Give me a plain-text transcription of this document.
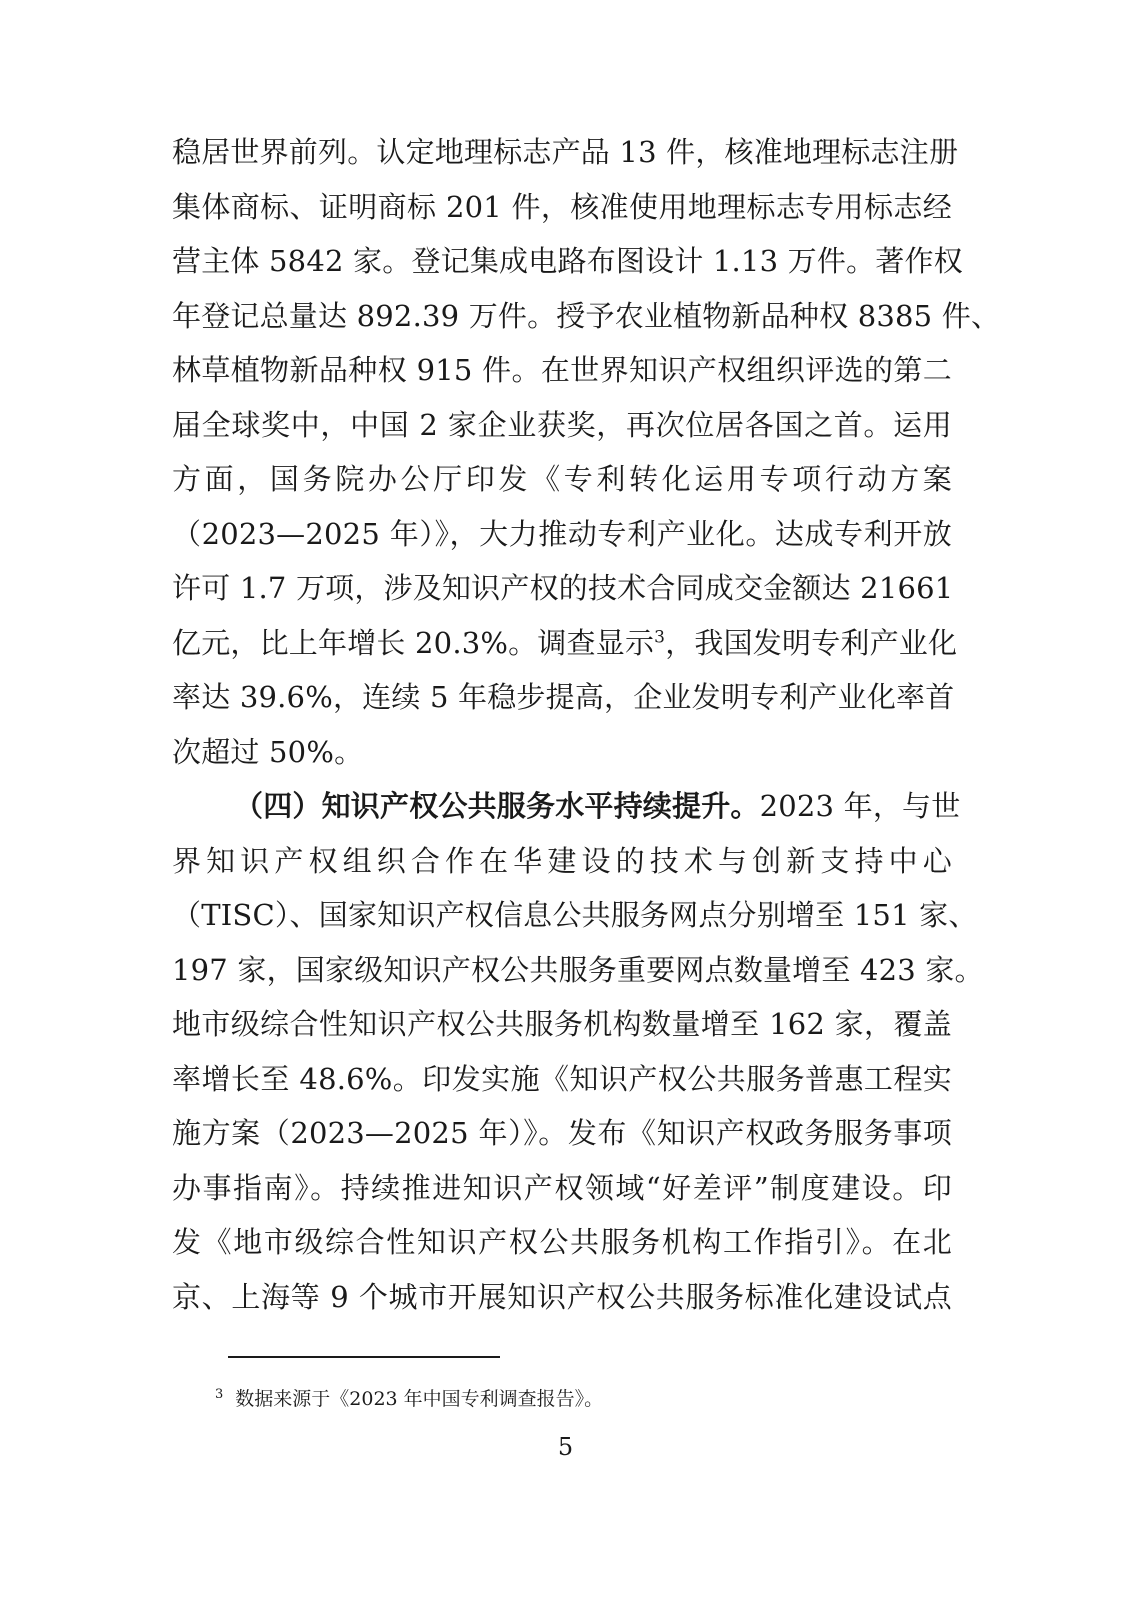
稳居世界前列。认定地理标志产品 13 件，核准地理标志注册
集体商标、证明商标 201 件，核准使用地理标志专用标志经
营主体 5842 家。登记集成电路布图设计 1.13 万件。著作权
年登记总量达 892.39 万件。授予农业植物新品种权 8385 件、
林草植物新品种权 915 件。在世界知识产权组织评选的第二
届全球奖中，中国 2 家企业获奖，再次位居各国之首。运用
方面，国务院办公厅印发《专利转化运用专项行动方案
（2023—2025 年）》，大力推动专利产业化。达成专利开放
许可 1.7 万项，涉及知识产权的技术合同成交金额达 21661
亿元，比上年增长 20.3%。调查显示$^3$，我国发明专利产业化
率达 39.6%，连续 5 年稳步提高，企业发明专利产业化率首
次超过 50%。
（四）知识产权公共服务水平持续提升。2023 年，与世
界知识产权组织合作在华建设的技术与创新支持中心
（TISC）、国家知识产权信息公共服务网点分别增至 151 家、
197 家，国家级知识产权公共服务重要网点数量增至 423 家。
地市级综合性知识产权公共服务机构数量增至 162 家，覆盖
率增长至 48.6%。印发实施《知识产权公共服务普惠工程实
施方案（2023—2025 年）》。发布《知识产权政务服务事项
办事指南》。持续推进知识产权领域“好差评”制度建设。印
发《地市级综合性知识产权公共服务机构工作指引》。在北
京、上海等 9 个城市开展知识产权公共服务标准化建设试点
$^3$ 数据来源于《2023 年中国专利调查报告》。
5
